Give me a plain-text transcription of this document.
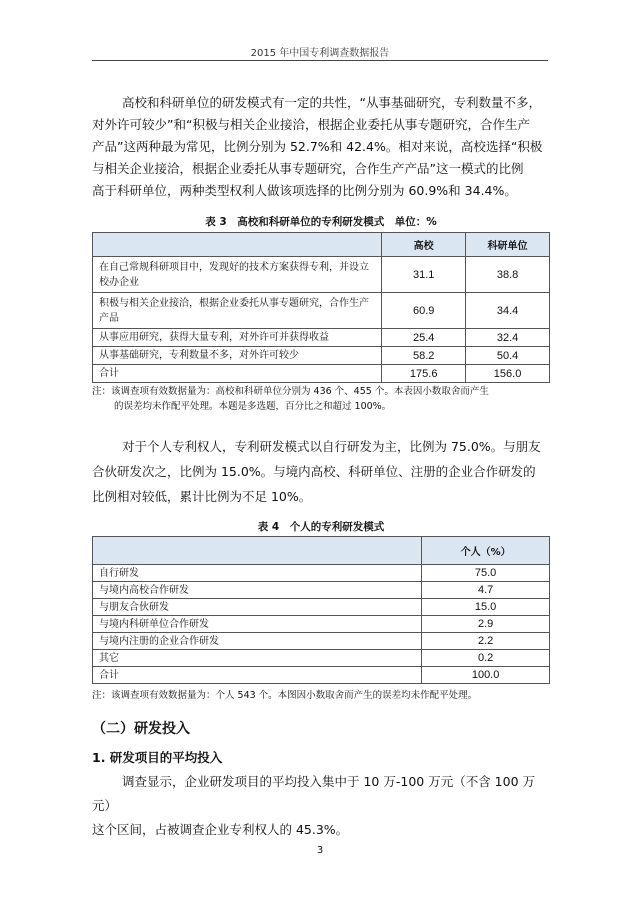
2015 年中国专利调查数据报告
高校和科研单位的研发模式有一定的共性，“从事基础研究，专利数量不多，
对外许可较少”和“积极与相关企业接洽，根据企业委托从事专题研究，合作生产
产品”这两种最为常见，比例分别为 52.7%和 42.4%。相对来说，高校选择“积极
与相关企业接洽，根据企业委托从事专题研究，合作生产产品”这一模式的比例
高于科研单位，两种类型权利人做该项选择的比例分别为 60.9%和 34.4%。
表 3　高校和科研单位的专利研发模式　单位：%
	高校	科研单位
在自己常规科研项目中，发现好的技术方案获得专利，并设立校办企业	31.1	38.8
积极与相关企业接洽，根据企业委托从事专题研究，合作生产产品	60.9	34.4
从事应用研究，获得大量专利，对外许可并获得收益	25.4	32.4
从事基础研究，专利数量不多，对外许可较少	58.2	50.4
合计	175.6	156.0
注：该调查项有效数据量为：高校和科研单位分别为 436 个、455 个。本表因小数取舍而产生
的误差均未作配平处理。本题是多选题，百分比之和超过 100%。
对于个人专利权人，专利研发模式以自行研发为主，比例为 75.0%。与朋友
合伙研发次之，比例为 15.0%。与境内高校、科研单位、注册的企业合作研发的
比例相对较低，累计比例为不足 10%。
表 4　个人的专利研发模式
	个人（%）
自行研发	75.0
与境内高校合作研发	4.7
与朋友合伙研发	15.0
与境内科研单位合作研发	2.9
与境内注册的企业合作研发	2.2
其它	0.2
合计	100.0
注：该调查项有效数据量为：个人 543 个。本图因小数取舍而产生的误差均未作配平处理。
（二）研发投入
1. 研发项目的平均投入
调查显示，企业研发项目的平均投入集中于 10 万-100 万元（不含 100 万元）
这个区间，占被调查企业专利权人的 45.3%。
3
